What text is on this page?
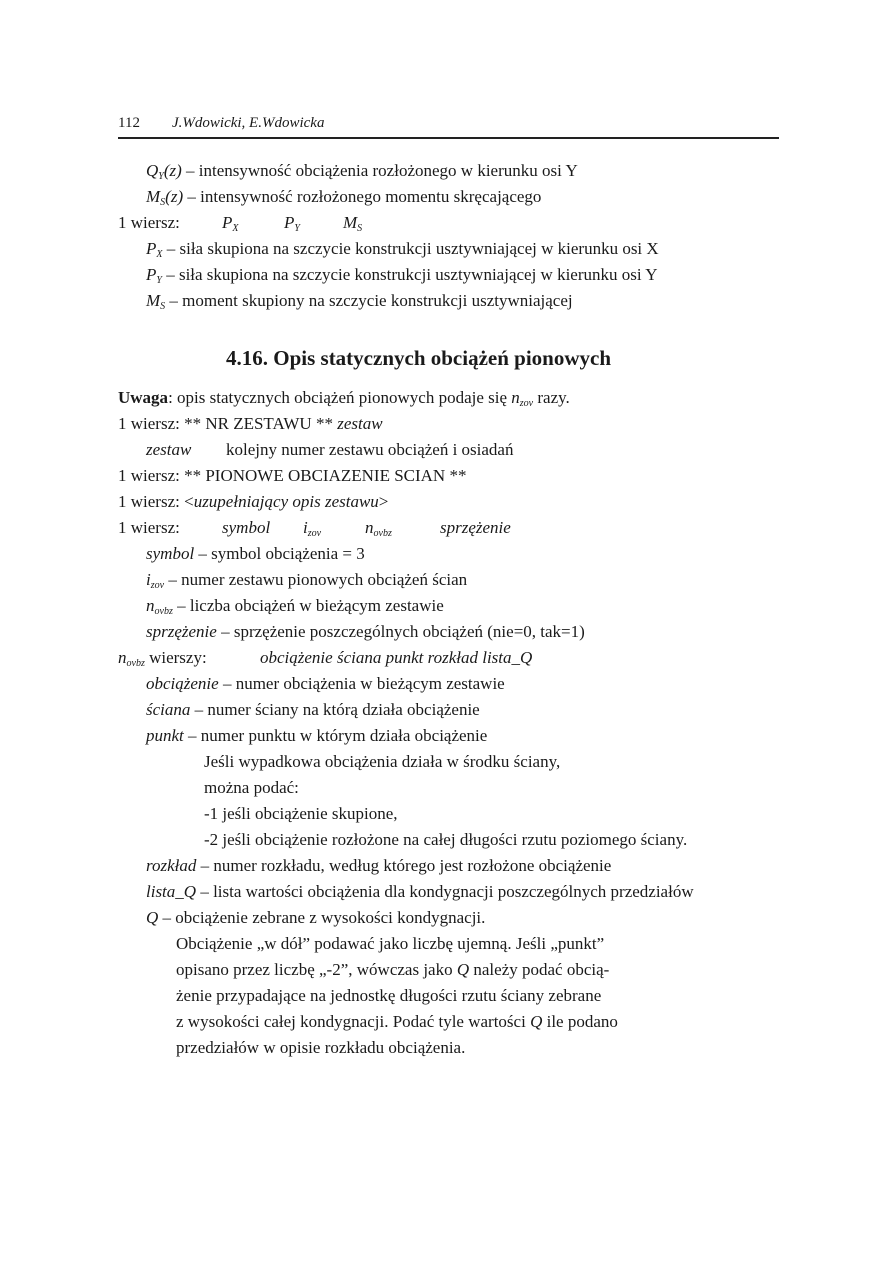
112 J.Wdowicki, E.Wdowicka
QY(z) – intensywność obciążenia rozłożonego w kierunku osi Y
MS(z) – intensywność rozłożonego momentu skręcającego
1 wiersz: PX	PY	MS
PX – siła skupiona na szczycie konstrukcji usztywniającej w kierunku osi X
PY – siła skupiona na szczycie konstrukcji usztywniającej w kierunku osi Y
MS – moment skupiony na szczycie konstrukcji usztywniającej
4.16. Opis statycznych obciążeń pionowych
Uwaga: opis statycznych obciążeń pionowych podaje się nzov razy.
1 wiersz: ** NR ZESTAWU ** zestaw
zestaw kolejny numer zestawu obciążeń i osiadań
1 wiersz: ** PIONOWE OBCIAZENIE SCIAN **
1 wiersz: <uzupełniający opis zestawu>
1 wiersz: symbol izov	novbz	sprzężenie
symbol – symbol obciążenia = 3
izov – numer zestawu pionowych obciążeń ścian
novbz – liczba obciążeń w bieżącym zestawie
sprzężenie – sprzężenie poszczególnych obciążeń (nie=0, tak=1)
novbz wierszy:	obciążenie ściana punkt rozkład lista_Q
obciążenie – numer obciążenia w bieżącym zestawie
ściana – numer ściany na którą działa obciążenie
punkt – numer punktu w którym działa obciążenie
Jeśli wypadkowa obciążenia działa w środku ściany,
można podać:
-1 jeśli obciążenie skupione,
-2 jeśli obciążenie rozłożone na całej długości rzutu poziomego ściany.
rozkład – numer rozkładu, według którego jest rozłożone obciążenie
lista_Q – lista wartości obciążenia dla kondygnacji poszczególnych przedziałów
Q – obciążenie zebrane z wysokości kondygnacji.
Obciążenie „w dół” podawać jako liczbę ujemną. Jeśli „punkt”
opisano przez liczbę „-2”, wówczas jako Q należy podać obcią-
żenie przypadające na jednostkę długości rzutu ściany zebrane
z wysokości całej kondygnacji. Podać tyle wartości Q ile podano
przedziałów w opisie rozkładu obciążenia.
